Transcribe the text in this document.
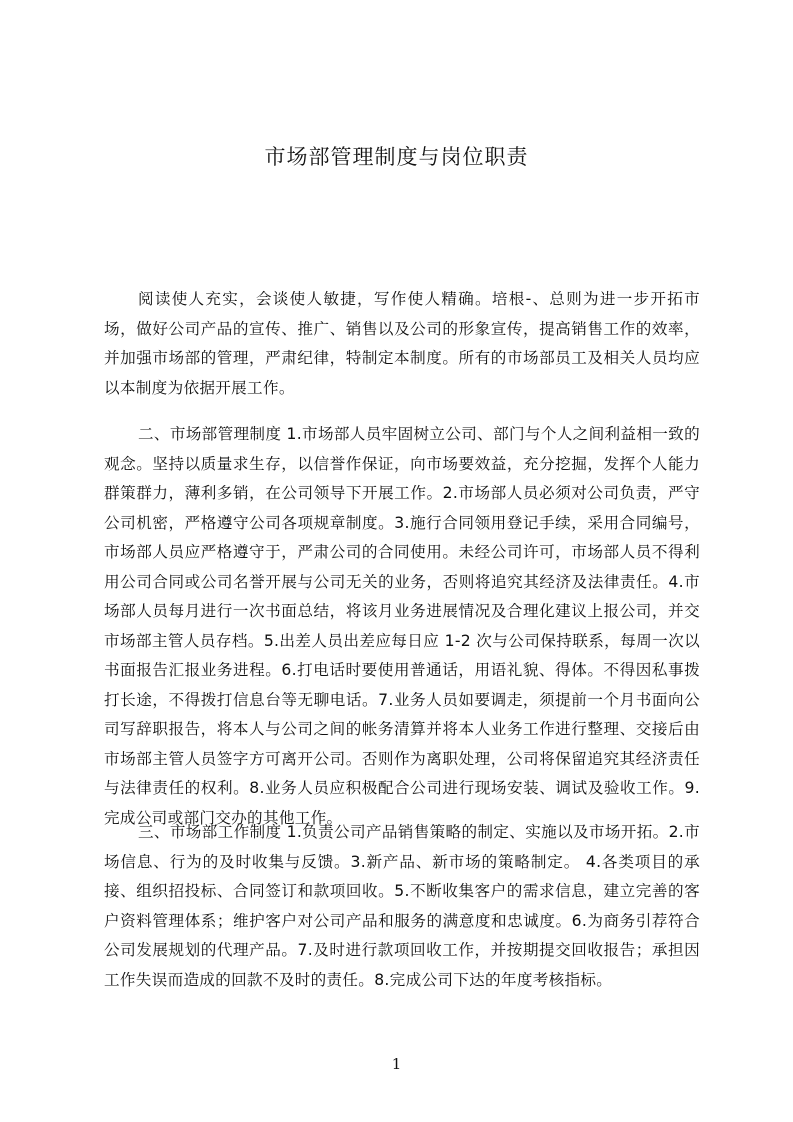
市场部管理制度与岗位职责

阅读使人充实，会谈使人敏捷，写作使人精确。培根-、总则为进一步开拓市场，做好公司产品的宣传、推广、销售以及公司的形象宣传，提高销售工作的效率，并加强市场部的管理，严肃纪律，特制定本制度。所有的市场部员工及相关人员均应以本制度为依据开展工作。

二、市场部管理制度 1.市场部人员牢固树立公司、部门与个人之间利益相一致的观念。坚持以质量求生存，以信誉作保证，向市场要效益，充分挖掘，发挥个人能力群策群力，薄利多销，在公司领导下开展工作。2.市场部人员必须对公司负责，严守公司机密，严格遵守公司各项规章制度。3.施行合同领用登记手续，采用合同编号，市场部人员应严格遵守于，严肃公司的合同使用。未经公司许可，市场部人员不得利用公司合同或公司名誉开展与公司无关的业务，否则将追究其经济及法律责任。4.市场部人员每月进行一次书面总结，将该月业务进展情况及合理化建议上报公司，并交市场部主管人员存档。5.出差人员出差应每日应 1-2 次与公司保持联系，每周一次以书面报告汇报业务进程。6.打电话时要使用普通话，用语礼貌、得体。不得因私事拨打长途，不得拨打信息台等无聊电话。7.业务人员如要调走，须提前一个月书面向公司写辞职报告，将本人与公司之间的帐务清算并将本人业务工作进行整理、交接后由市场部主管人员签字方可离开公司。否则作为离职处理，公司将保留追究其经济责任与法律责任的权利。8.业务人员应积极配合公司进行现场安装、调试及验收工作。9.完成公司或部门交办的其他工作。

三、市场部工作制度 1.负责公司产品销售策略的制定、实施以及市场开拓。2.市场信息、行为的及时收集与反馈。3.新产品、新市场的策略制定。 4.各类项目的承接、组织招投标、合同签订和款项回收。5.不断收集客户的需求信息，建立完善的客户资料管理体系；维护客户对公司产品和服务的满意度和忠诚度。6.为商务引荐符合公司发展规划的代理产品。7.及时进行款项回收工作，并按期提交回收报告；承担因工作失误而造成的回款不及时的责任。8.完成公司下达的年度考核指标。

1
